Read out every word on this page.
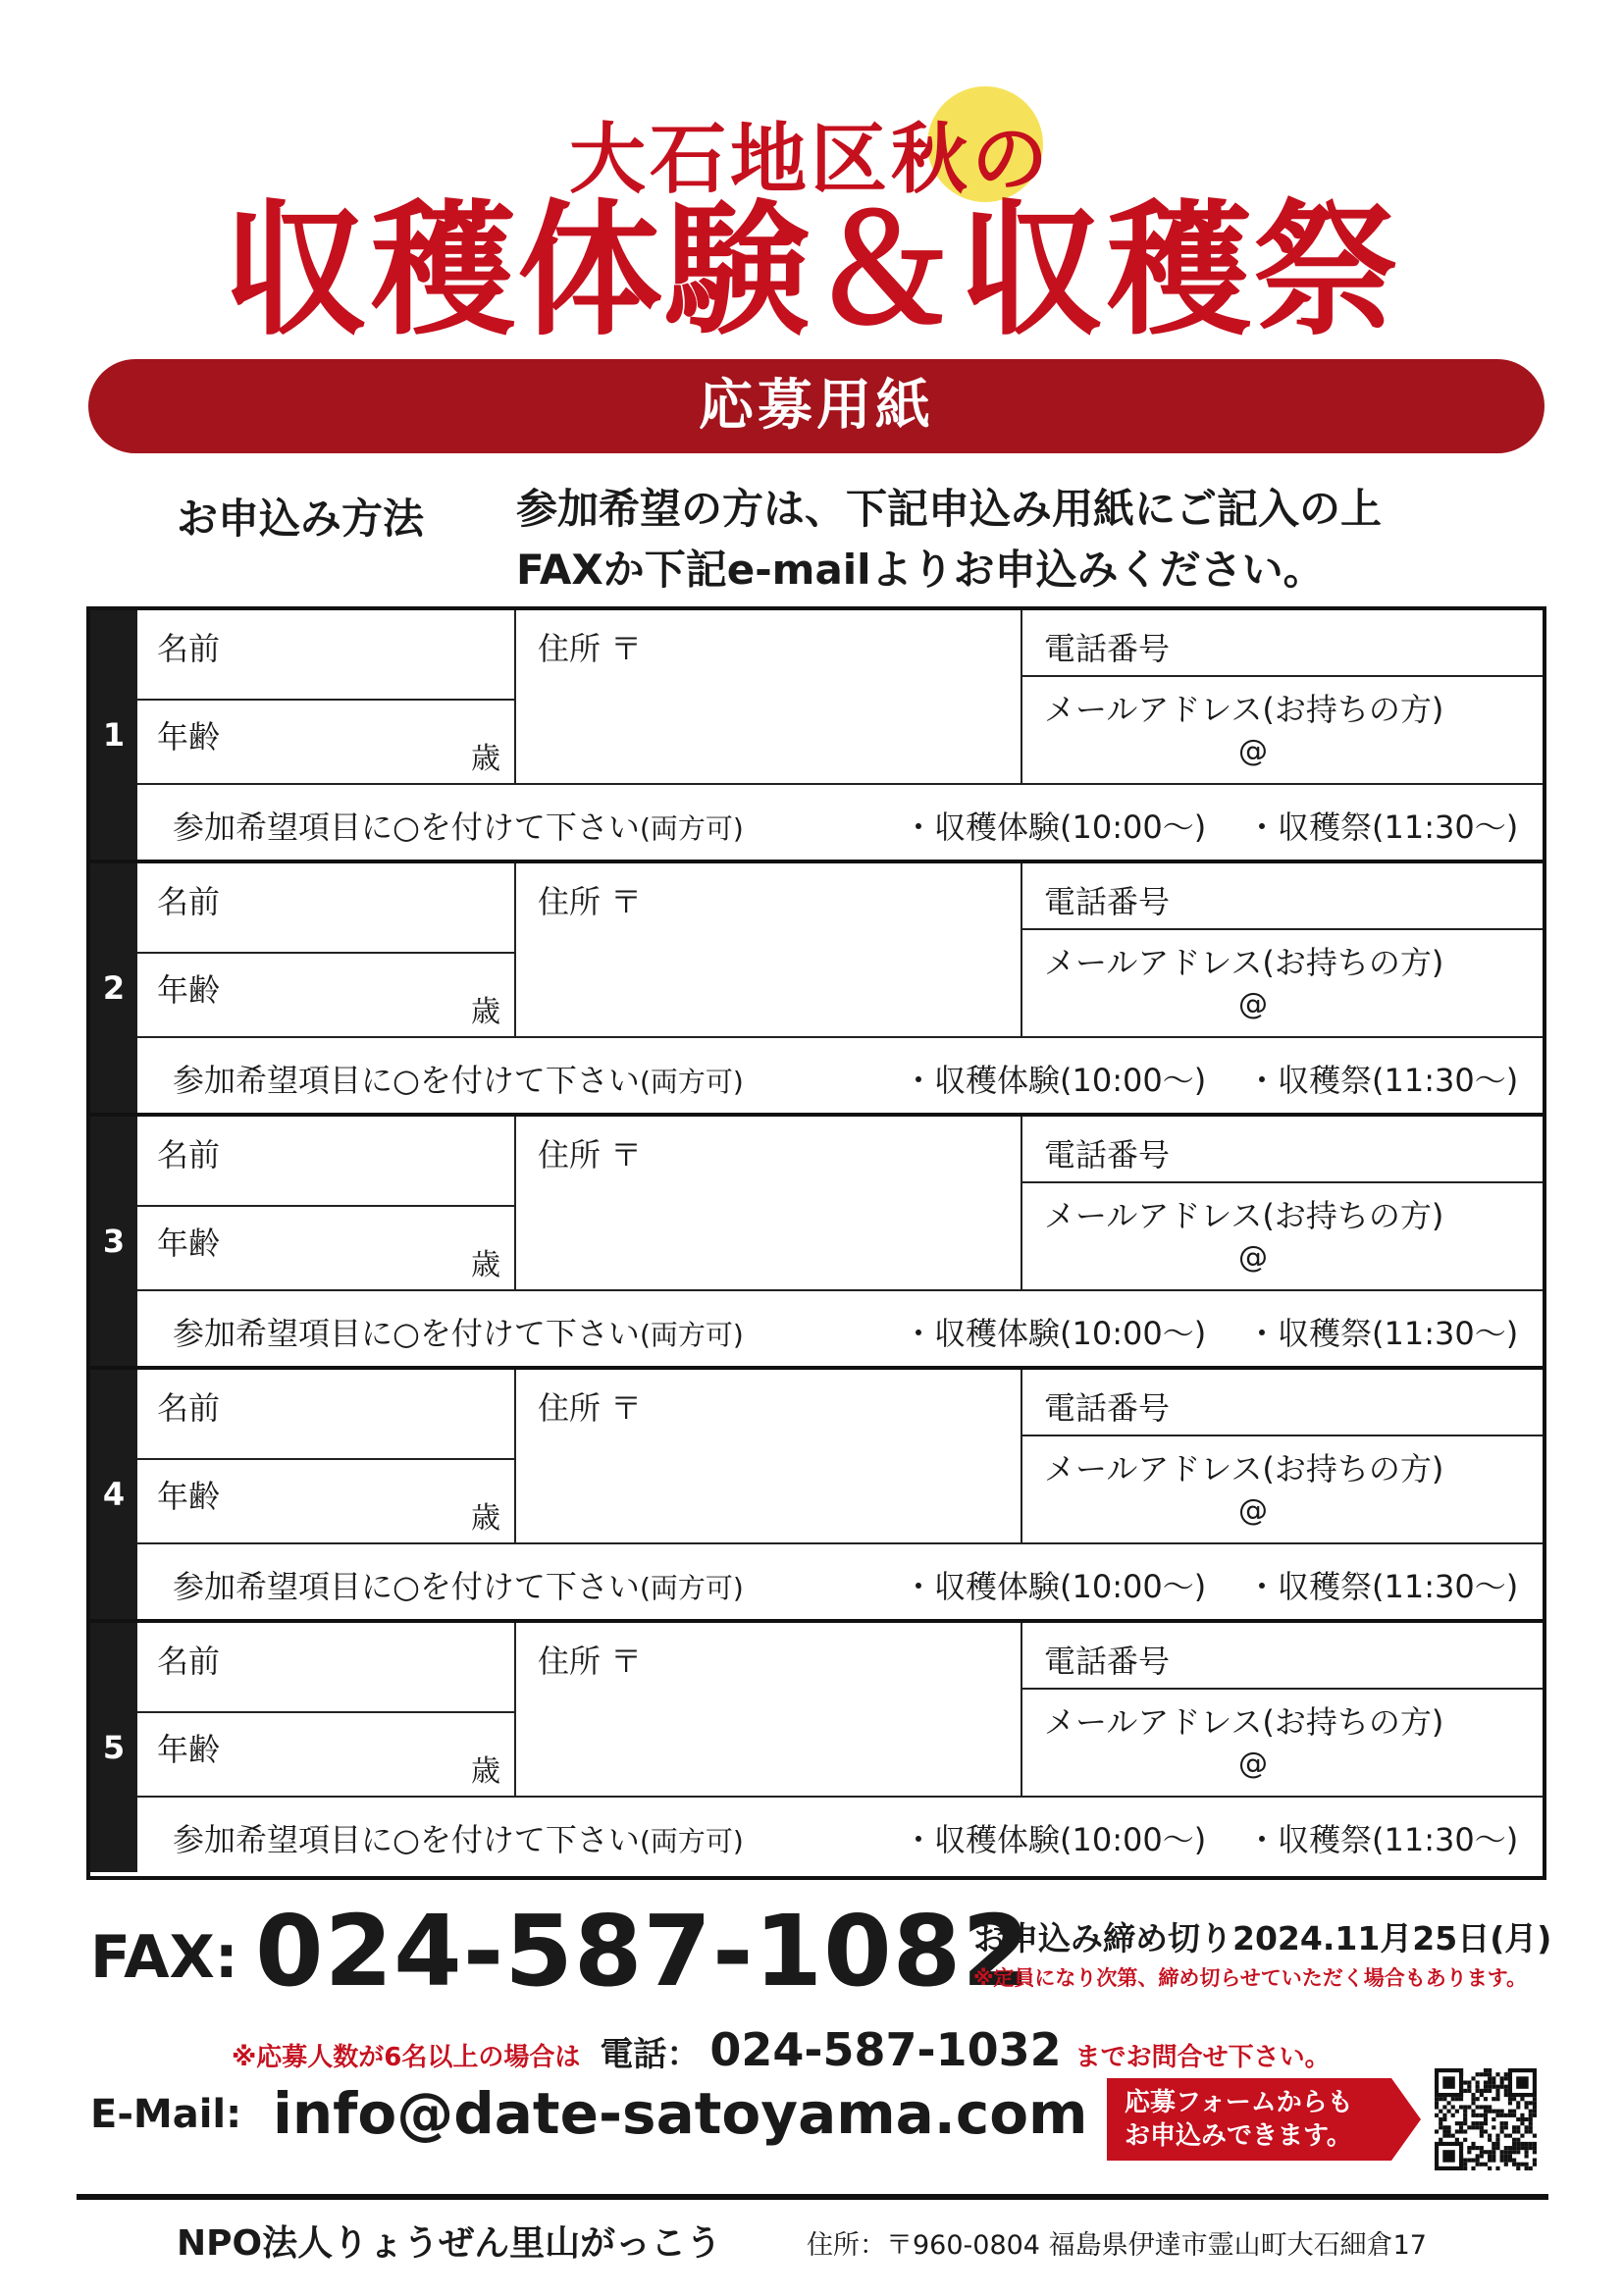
大石地区秋の
収穫体験＆収穫祭
応募用紙
お申込み方法 参加希望の方は、下記申込み用紙にご記入の上
FAXか下記e-mailよりお申込みください。
1
名前
年齢
歳
住所 〒	電話番号
メールアドレス(お持ちの方)
@
参加希望項目に○を付けて下さい(両方可)	・収穫体験(10:00〜) ・収穫祭(11:30〜)
2
名前
年齢
歳
住所 〒	電話番号
メールアドレス(お持ちの方)
@
参加希望項目に○を付けて下さい(両方可)	・収穫体験(10:00〜) ・収穫祭(11:30〜)
3
名前
年齢
歳
住所 〒	電話番号
メールアドレス(お持ちの方)
@
参加希望項目に○を付けて下さい(両方可)	・収穫体験(10:00〜) ・収穫祭(11:30〜)
4
名前
年齢
歳
住所 〒	電話番号
メールアドレス(お持ちの方)
@
参加希望項目に○を付けて下さい(両方可)	・収穫体験(10:00〜) ・収穫祭(11:30〜)
5
名前
年齢
歳
住所 〒	電話番号
メールアドレス(お持ちの方)
@
参加希望項目に○を付けて下さい(両方可)	・収穫体験(10:00〜) ・収穫祭(11:30〜)
FAX: 024-587-1082
お申込み締め切り2024.11月25日(月)
※定員になり次第、締め切らせていただく場合もあります。
※応募人数が6名以上の場合は 電話： 024-587-1032 までお問合せ下さい。
E-Mail: info@date-satoyama.com 応募フォームからも
お申込みできます。
NPO法人りょうぜん里山がっこう	住所：〒960-0804 福島県伊達市霊山町大石細倉17
